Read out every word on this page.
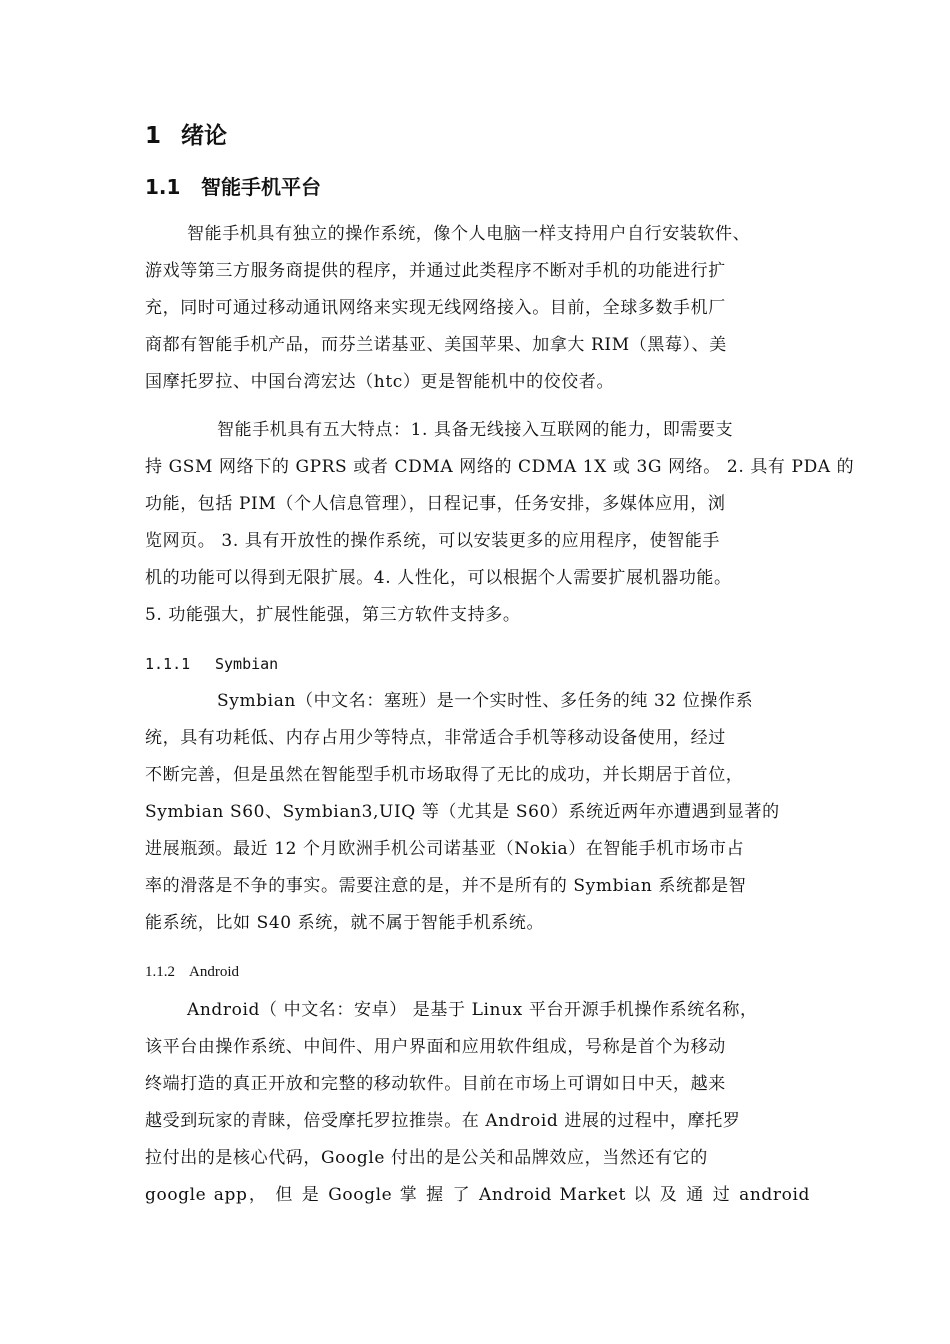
1 绪论
1.1 智能手机平台
智能手机具有独立的操作系统，像个人电脑一样支持用户自行安装软件、
游戏等第三方服务商提供的程序，并通过此类程序不断对手机的功能进行扩
充，同时可通过移动通讯网络来实现无线网络接入。目前，全球多数手机厂
商都有智能手机产品，而芬兰诺基亚、美国苹果、加拿大 RIM（黑莓）、美
国摩托罗拉、中国台湾宏达（htc）更是智能机中的佼佼者。
智能手机具有五大特点：1. 具备无线接入互联网的能力，即需要支
持 GSM 网络下的 GPRS 或者 CDMA 网络的 CDMA 1X 或 3G 网络。 2. 具有 PDA 的
功能，包括 PIM（个人信息管理），日程记事，任务安排，多媒体应用，浏
览网页。 3. 具有开放性的操作系统，可以安装更多的应用程序，使智能手
机的功能可以得到无限扩展。4. 人性化，可以根据个人需要扩展机器功能。
5. 功能强大，扩展性能强，第三方软件支持多。
1.1.1 Symbian
Symbian（中文名：塞班）是一个实时性、多任务的纯 32 位操作系
统，具有功耗低、内存占用少等特点，非常适合手机等移动设备使用，经过
不断完善，但是虽然在智能型手机市场取得了无比的成功，并长期居于首位，
Symbian S60、Symbian3,UIQ 等（尤其是 S60）系统近两年亦遭遇到显著的
进展瓶颈。最近 12 个月欧洲手机公司诺基亚（Nokia）在智能手机市场市占
率的滑落是不争的事实。需要注意的是，并不是所有的 Symbian 系统都是智
能系统，比如 S40 系统，就不属于智能手机系统。
1.1.2 Android
Android（ 中文名：安卓） 是基于 Linux 平台开源手机操作系统名称，
该平台由操作系统、中间件、用户界面和应用软件组成，号称是首个为移动
终端打造的真正开放和完整的移动软件。目前在市场上可谓如日中天，越来
越受到玩家的青睐，倍受摩托罗拉推崇。在 Android 进展的过程中，摩托罗
拉付出的是核心代码，Google 付出的是公关和品牌效应，当然还有它的
google app， 但 是 Google 掌 握 了 Android Market 以 及 通 过 android
